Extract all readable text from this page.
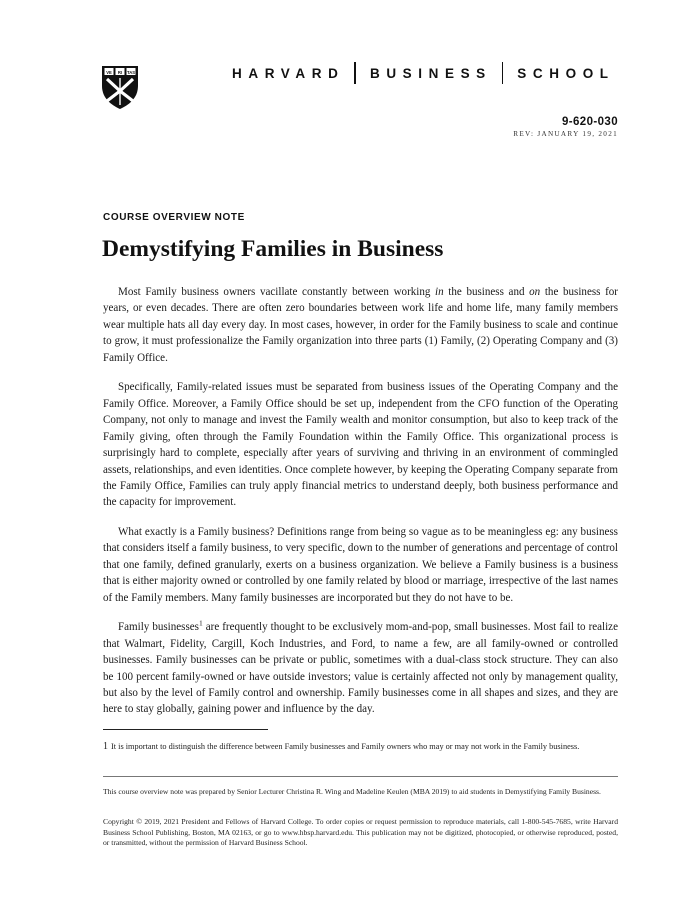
VE RI TAS	HARVARD BUSINESS SCHOOL
9-620-030
REV: JANUARY 19, 2021
COURSE OVERVIEW NOTE
Demystifying Families in Business

Most Family business owners vacillate constantly between working in the business and on the business for years, or even decades. There are often zero boundaries between work life and home life, many family members wear multiple hats all day every day. In most cases, however, in order for the Family business to scale and continue to grow, it must professionalize the Family organization into three parts (1) Family, (2) Operating Company and (3) Family Office.

Specifically, Family-related issues must be separated from business issues of the Operating Company and the Family Office. Moreover, a Family Office should be set up, independent from the CFO function of the Operating Company, not only to manage and invest the Family wealth and monitor consumption, but also to keep track of the Family giving, often through the Family Foundation within the Family Office. This organizational process is surprisingly hard to complete, especially after years of surviving and thriving in an environment of commingled assets, relationships, and even identities. Once complete however, by keeping the Operating Company separate from the Family Office, Families can truly apply financial metrics to understand deeply, both business performance and the capacity for improvement.

What exactly is a Family business? Definitions range from being so vague as to be meaningless eg: any business that considers itself a family business, to very specific, down to the number of generations and percentage of control that one family, defined granularly, exerts on a business organization. We believe a Family business is a business that is either majority owned or controlled by one family related by blood or marriage, irrespective of the last names of the Family members. Many family businesses are incorporated but they do not have to be.

Family businesses$^1$ are frequently thought to be exclusively mom-and-pop, small businesses. Most fail to realize that Walmart, Fidelity, Cargill, Koch Industries, and Ford, to name a few, are all family-owned or controlled businesses. Family businesses can be private or public, sometimes with a dual-class stock structure. They can also be 100 percent family-owned or have outside investors; value is certainly affected not only by management quality, but also by the level of Family control and ownership. Family businesses come in all shapes and sizes, and they are here to stay globally, gaining power and influence by the day.

1 It is important to distinguish the difference between Family businesses and Family owners who may or may not work in the Family business.
This course overview note was prepared by Senior Lecturer Christina R. Wing and Madeline Keulen (MBA 2019) to aid students in Demystifying Family Business.
Copyright © 2019, 2021 President and Fellows of Harvard College. To order copies or request permission to reproduce materials, call 1-800-545-7685, write Harvard Business School Publishing, Boston, MA 02163, or go to www.hbsp.harvard.edu. This publication may not be digitized, photocopied, or otherwise reproduced, posted, or transmitted, without the permission of Harvard Business School.
